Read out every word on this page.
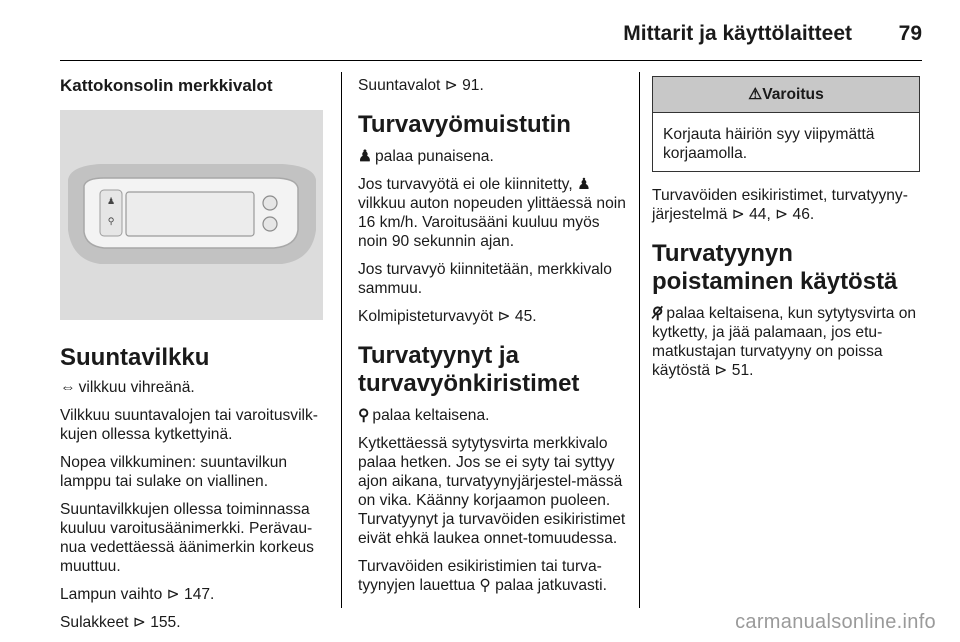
Mittarit ja käyttölaitteet 79
Kattokonsolin merkkivalot
♟
⚲
Suuntavilkku

⇔ vilkkuu vihreänä.

Vilkkuu suuntavalojen tai varoitusvilk-kujen ollessa kytkettyinä.

Nopea vilkkuminen: suuntavilkun lamppu tai sulake on viallinen.

Suuntavilkkujen ollessa toiminnassa kuuluu varoitusäänimerkki. Perävau-nua vedettäessä äänimerkin korkeus muuttuu.

Lampun vaihto ⊳ 147.

Sulakkeet ⊳ 155.

Suuntavalot ⊳ 91.

Turvavyömuistutin

♟ palaa punaisena.

Jos turvavyötä ei ole kiinnitetty, ♟ vilkkuu auton nopeuden ylittäessä noin 16 km/h. Varoitusääni kuuluu myös noin 90 sekunnin ajan.

Jos turvavyö kiinnitetään, merkkivalo sammuu.

Kolmipisteturvavyöt ⊳ 45.

Turvatyynyt ja turvavyönkiristimet

⚲ palaa keltaisena.

Kytkettäessä sytytysvirta merkkivalo palaa hetken. Jos se ei syty tai syttyy ajon aikana, turvatyynyjärjestel-mässä on vika. Käänny korjaamon puoleen. Turvatyynyt ja turvavöiden esikiristimet eivät ehkä laukea onnet-tomuudessa.

Turvavöiden esikiristimien tai turva-tyynyjen lauettua ⚲ palaa jatkuvasti.

⚠Varoitus
Korjauta häiriön syy viipymättä korjaamolla.

Turvavöiden esikiristimet, turvatyyny-järjestelmä ⊳ 44, ⊳ 46.

Turvatyynyn poistaminen käytöstä

⚲̸ palaa keltaisena, kun sytytysvirta on kytketty, ja jää palamaan, jos etu-matkustajan turvatyyny on poissa käytöstä ⊳ 51.

carmanualsonline.info
